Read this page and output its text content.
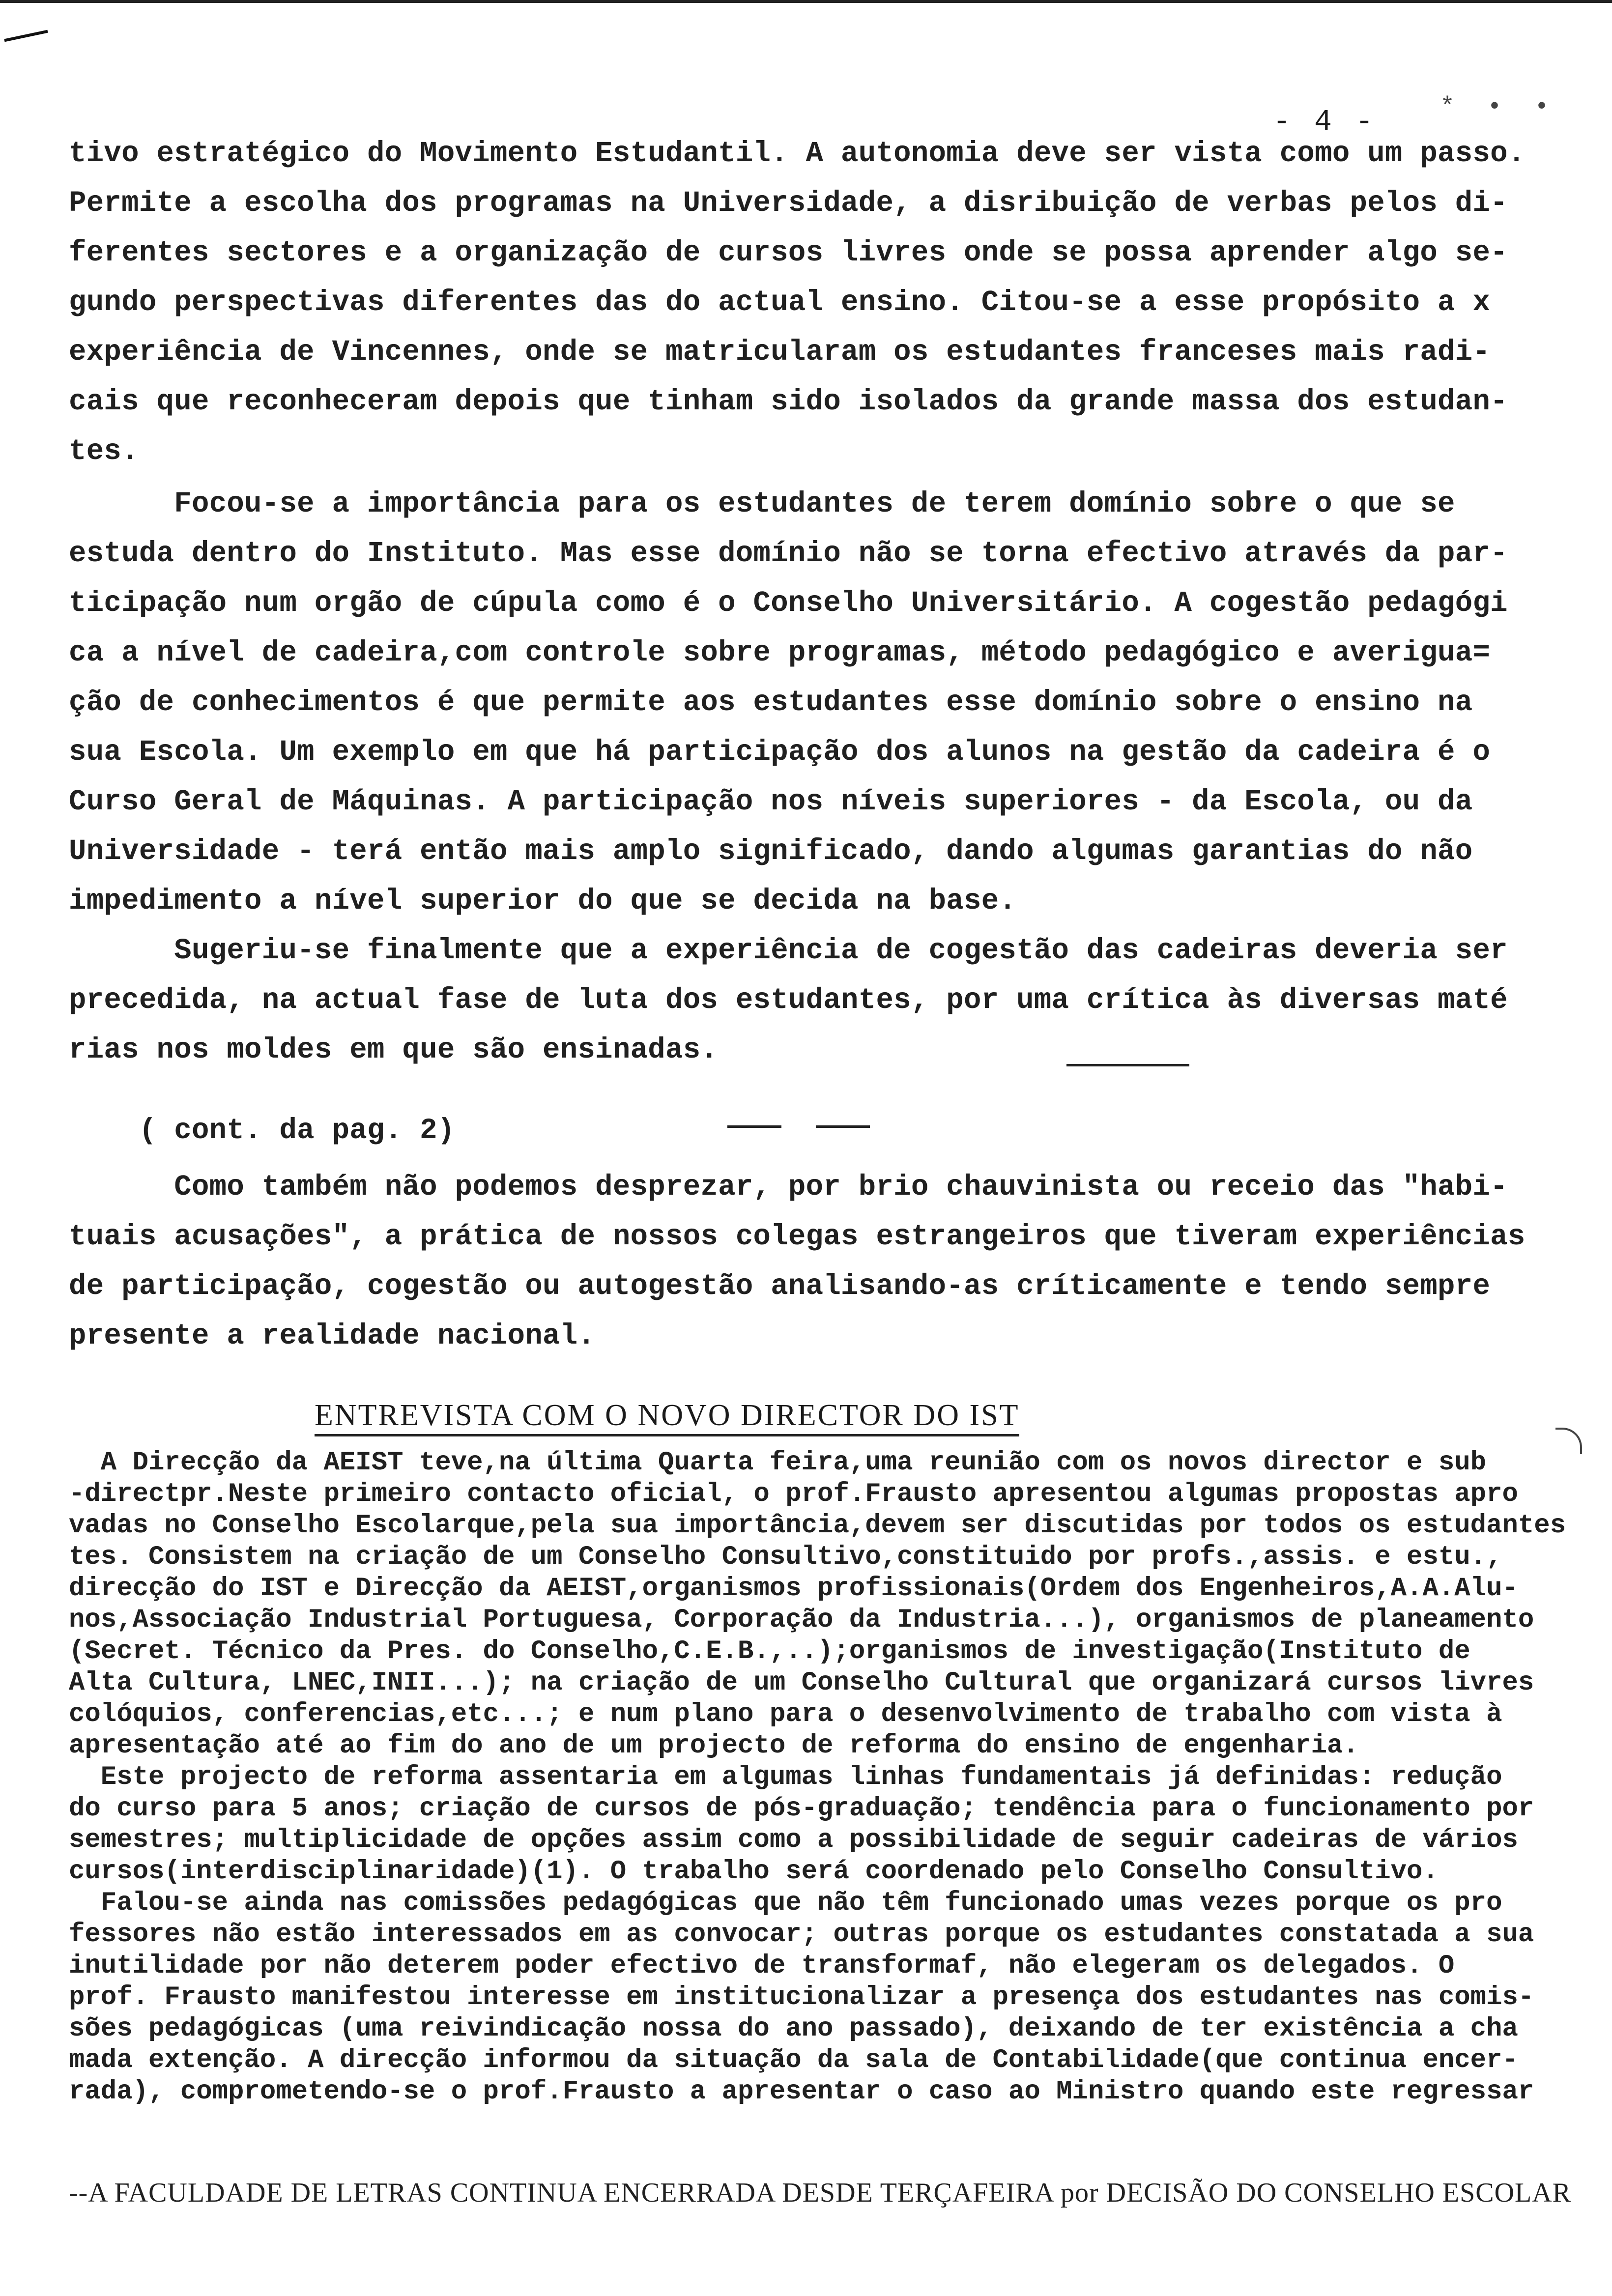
- 4 -	* • •

tivo estratégico do Movimento Estudantil. A autonomia deve ser vista como um passo.

Permite a escolha dos programas na Universidade, a disribuição de verbas pelos di-

ferentes sectores e a organização de cursos livres onde se possa aprender algo se-

gundo perspectivas diferentes das do actual ensino. Citou-se a esse propósito a x

experiência de Vincennes, onde se matricularam os estudantes franceses mais radi-

cais que reconheceram depois que tinham sido isolados da grande massa dos estudan-

tes.

Focou-se a importância para os estudantes de terem domínio sobre o que se

estuda dentro do Instituto. Mas esse domínio não se torna efectivo através da par-

ticipação num orgão de cúpula como é o Conselho Universitário. A cogestão pedagógi

ca a nível de cadeira,com controle sobre programas, método pedagógico e averigua=

ção de conhecimentos é que permite aos estudantes esse domínio sobre o ensino na

sua Escola. Um exemplo em que há participação dos alunos na gestão da cadeira é o

Curso Geral de Máquinas. A participação nos níveis superiores - da Escola, ou da

Universidade - terá então mais amplo significado, dando algumas garantias do não

impedimento a nível superior do que se decida na base.

Sugeriu-se finalmente que a experiência de cogestão das cadeiras deveria ser

precedida, na actual fase de luta dos estudantes, por uma crítica às diversas maté

rias nos moldes em que são ensinadas.

( cont. da pag. 2)

Como também não podemos desprezar, por brio chauvinista ou receio das "habi-

tuais acusações", a prática de nossos colegas estrangeiros que tiveram experiências

de participação, cogestão ou autogestão analisando-as críticamente e tendo sempre

presente a realidade nacional.

ENTREVISTA COM O NOVO DIRECTOR DO IST

A Direcção da AEIST teve,na última Quarta feira,uma reunião com os novos director e sub

-directpr.Neste primeiro contacto oficial, o prof.Frausto apresentou algumas propostas apro

vadas no Conselho Escolarque,pela sua importância,devem ser discutidas por todos os estudantes

tes. Consistem na criação de um Conselho Consultivo,constituido por profs.,assis. e estu.,

direcção do IST e Direcção da AEIST,organismos profissionais(Ordem dos Engenheiros,A.A.Alu-

nos,Associação Industrial Portuguesa, Corporação da Industria...), organismos de planeamento

(Secret. Técnico da Pres. do Conselho,C.E.B.,..);organismos de investigação(Instituto de

Alta Cultura, LNEC,INII...); na criação de um Conselho Cultural que organizará cursos livres

colóquios, conferencias,etc...; e num plano para o desenvolvimento de trabalho com vista à

apresentação até ao fim do ano de um projecto de reforma do ensino de engenharia.

Este projecto de reforma assentaria em algumas linhas fundamentais já definidas: redução

do curso para 5 anos; criação de cursos de pós-graduação; tendência para o funcionamento por

semestres; multiplicidade de opções assim como a possibilidade de seguir cadeiras de vários

cursos(interdisciplinaridade)(1). O trabalho será coordenado pelo Conselho Consultivo.

Falou-se ainda nas comissões pedagógicas que não têm funcionado umas vezes porque os pro

fessores não estão interessados em as convocar; outras porque os estudantes constatada a sua

inutilidade por não deterem poder efectivo de transformaf, não elegeram os delegados. O

prof. Frausto manifestou interesse em institucionalizar a presença dos estudantes nas comis-

sões pedagógicas (uma reivindicação nossa do ano passado), deixando de ter existência a cha

mada extenção. A direcção informou da situação da sala de Contabilidade(que continua encer-

rada), comprometendo-se o prof.Frausto a apresentar o caso ao Ministro quando este regressar

--A FACULDADE DE LETRAS CONTINUA ENCERRADA DESDE TERÇAFEIRA por DECISÃO DO CONSELHO ESCOLAR
